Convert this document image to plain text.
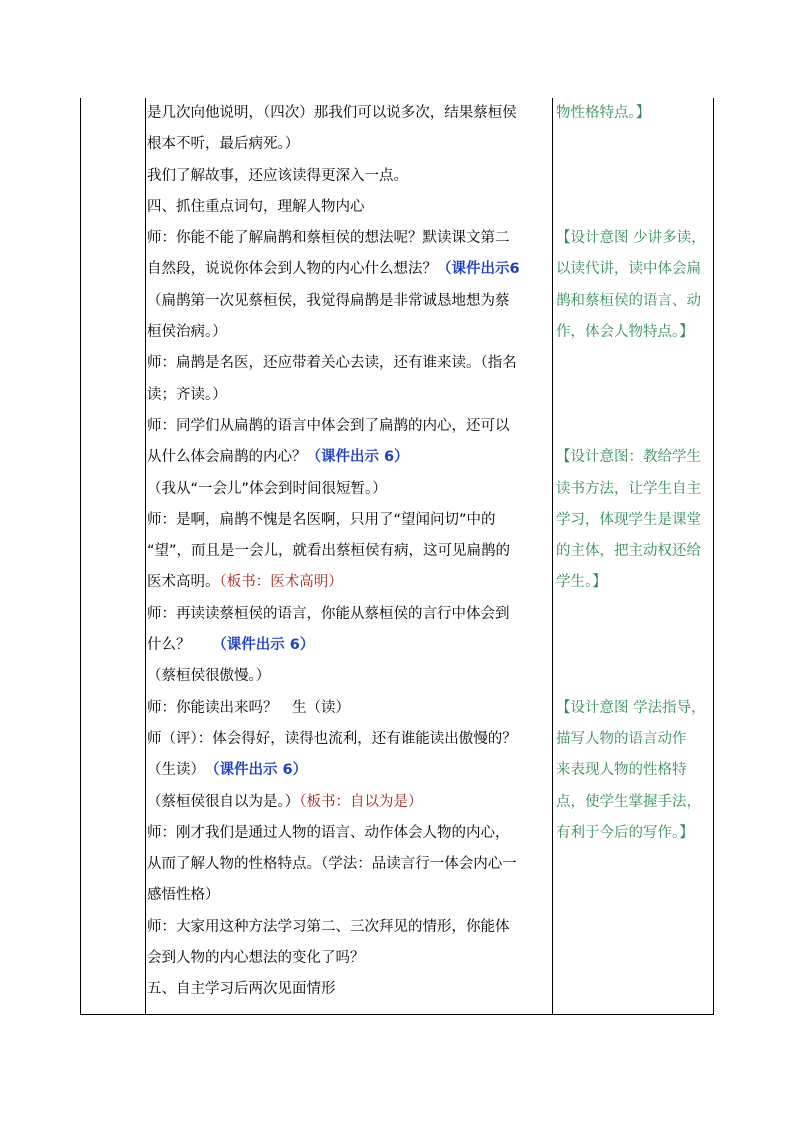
是几次向他说明，（四次）那我们可以说多次，结果蔡桓侯
根本不听，最后病死。）
我们了解故事，还应该读得更深入一点。
四、抓住重点词句，理解人物内心
师：你能不能了解扁鹊和蔡桓侯的想法呢？默读课文第二
自然段，说说你体会到人物的内心什么想法？（课件出示6
（扁鹊第一次见蔡桓侯，我觉得扁鹊是非常诚恳地想为蔡
桓侯治病。）
师：扁鹊是名医，还应带着关心去读，还有谁来读。（指名
读；齐读。）
师：同学们从扁鹊的语言中体会到了扁鹊的内心，还可以
从什么体会扁鹊的内心？（课件出示 6）
（我从“一会儿”体会到时间很短暂。）
师：是啊，扁鹊不愧是名医啊，只用了“望闻问切”中的
“望”，而且是一会儿，就看出蔡桓侯有病，这可见扁鹊的
医术高明。（板书：医术高明）
师：再读读蔡桓侯的语言，你能从蔡桓侯的言行中体会到
什么？　　（课件出示 6）
（蔡桓侯很傲慢。）
师：你能读出来吗？　生（读）
师（评）：体会得好，读得也流利，还有谁能读出傲慢的？
（生读）　（课件出示 6）
（蔡桓侯很自以为是。）（板书：自以为是）
师：刚才我们是通过人物的语言、动作体会人物的内心，
从而了解人物的性格特点。（学法：品读言行一体会内心一
感悟性格）
师：大家用这种方法学习第二、三次拜见的情形，你能体
会到人物的内心想法的变化了吗？
五、自主学习后两次见面情形
物性格特点。】
【设计意图 少讲多读，
以读代讲，读中体会扁
鹊和蔡桓侯的语言、动
作，体会人物特点。】
【设计意图：教给学生
读书方法，让学生自主
学习，体现学生是课堂
的主体，把主动权还给
学生。】
【设计意图 学法指导，
描写人物的语言动作
来表现人物的性格特
点，使学生掌握手法，
有利于今后的写作。】
